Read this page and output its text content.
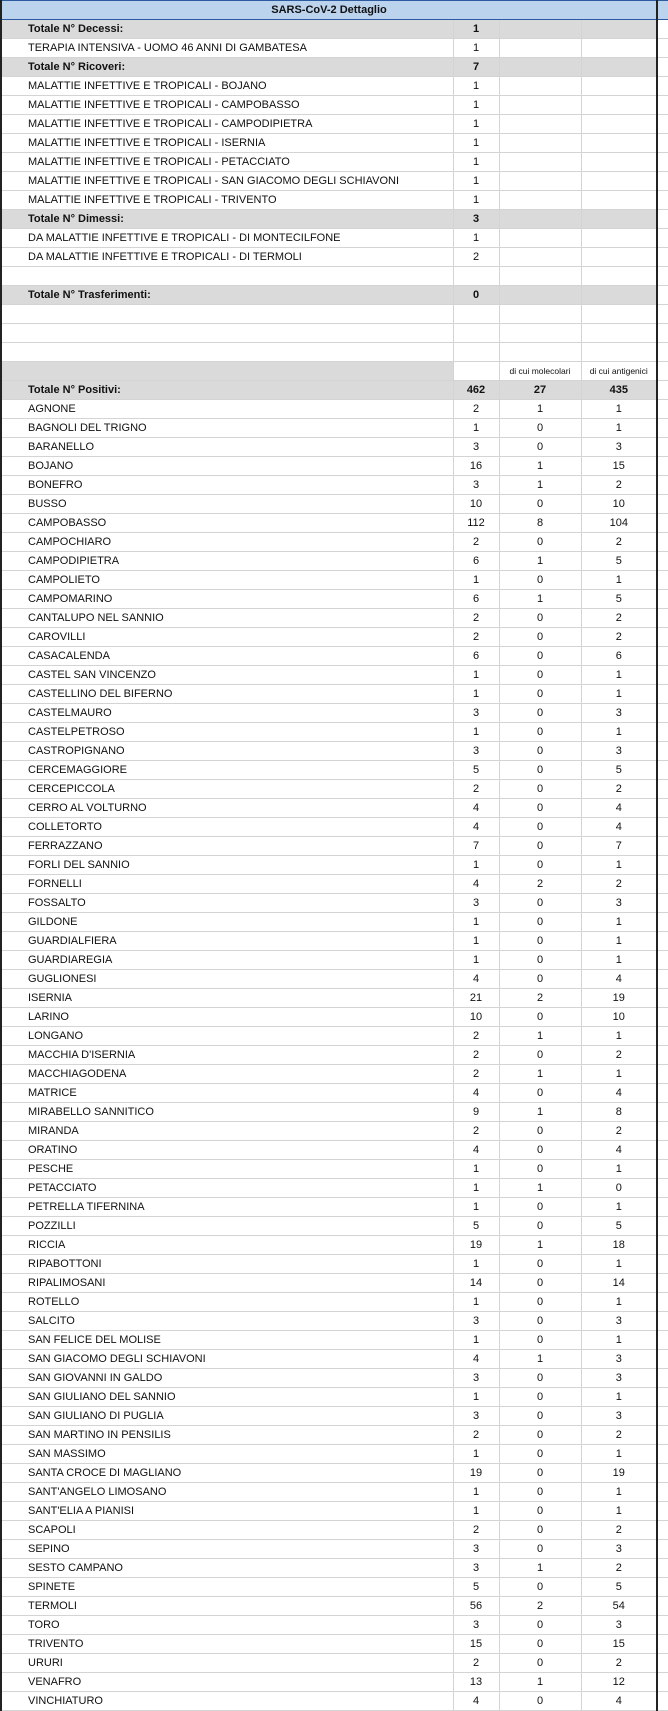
SARS-CoV-2 Dettaglio				
Totale N° Decessi:	1			
TERAPIA INTENSIVA - UOMO 46 ANNI DI GAMBATESA	1			
Totale N° Ricoveri:	7			
MALATTIE INFETTIVE E TROPICALI - BOJANO	1			
MALATTIE INFETTIVE E TROPICALI - CAMPOBASSO	1			
MALATTIE INFETTIVE E TROPICALI - CAMPODIPIETRA	1			
MALATTIE INFETTIVE E TROPICALI - ISERNIA	1			
MALATTIE INFETTIVE E TROPICALI - PETACCIATO	1			
MALATTIE INFETTIVE E TROPICALI - SAN GIACOMO DEGLI SCHIAVONI	1			
MALATTIE INFETTIVE E TROPICALI - TRIVENTO	1			
Totale N° Dimessi:	3			
DA MALATTIE INFETTIVE E TROPICALI - DI MONTECILFONE	1			
DA MALATTIE INFETTIVE E TROPICALI - DI TERMOLI	2			

Totale N° Trasferimenti:	0			

		di cui molecolari	di cui antigenici	
Totale N° Positivi:	462	27	435	
AGNONE	2	1	1	
BAGNOLI DEL TRIGNO	1	0	1	
BARANELLO	3	0	3	
BOJANO	16	1	15	
BONEFRO	3	1	2	
BUSSO	10	0	10	
CAMPOBASSO	112	8	104	
CAMPOCHIARO	2	0	2	
CAMPODIPIETRA	6	1	5	
CAMPOLIETO	1	0	1	
CAMPOMARINO	6	1	5	
CANTALUPO NEL SANNIO	2	0	2	
CAROVILLI	2	0	2	
CASACALENDA	6	0	6	
CASTEL SAN VINCENZO	1	0	1	
CASTELLINO DEL BIFERNO	1	0	1	
CASTELMAURO	3	0	3	
CASTELPETROSO	1	0	1	
CASTROPIGNANO	3	0	3	
CERCEMAGGIORE	5	0	5	
CERCEPICCOLA	2	0	2	
CERRO AL VOLTURNO	4	0	4	
COLLETORTO	4	0	4	
FERRAZZANO	7	0	7	
FORLI DEL SANNIO	1	0	1	
FORNELLI	4	2	2	
FOSSALTO	3	0	3	
GILDONE	1	0	1	
GUARDIALFIERA	1	0	1	
GUARDIAREGIA	1	0	1	
GUGLIONESI	4	0	4	
ISERNIA	21	2	19	
LARINO	10	0	10	
LONGANO	2	1	1	
MACCHIA D'ISERNIA	2	0	2	
MACCHIAGODENA	2	1	1	
MATRICE	4	0	4	
MIRABELLO SANNITICO	9	1	8	
MIRANDA	2	0	2	
ORATINO	4	0	4	
PESCHE	1	0	1	
PETACCIATO	1	1	0	
PETRELLA TIFERNINA	1	0	1	
POZZILLI	5	0	5	
RICCIA	19	1	18	
RIPABOTTONI	1	0	1	
RIPALIMOSANI	14	0	14	
ROTELLO	1	0	1	
SALCITO	3	0	3	
SAN FELICE DEL MOLISE	1	0	1	
SAN GIACOMO DEGLI SCHIAVONI	4	1	3	
SAN GIOVANNI IN GALDO	3	0	3	
SAN GIULIANO DEL SANNIO	1	0	1	
SAN GIULIANO DI PUGLIA	3	0	3	
SAN MARTINO IN PENSILIS	2	0	2	
SAN MASSIMO	1	0	1	
SANTA CROCE DI MAGLIANO	19	0	19	
SANT'ANGELO LIMOSANO	1	0	1	
SANT'ELIA A PIANISI	1	0	1	
SCAPOLI	2	0	2	
SEPINO	3	0	3	
SESTO CAMPANO	3	1	2	
SPINETE	5	0	5	
TERMOLI	56	2	54	
TORO	3	0	3	
TRIVENTO	15	0	15	
URURI	2	0	2	
VENAFRO	13	1	12	
VINCHIATURO	4	0	4	
